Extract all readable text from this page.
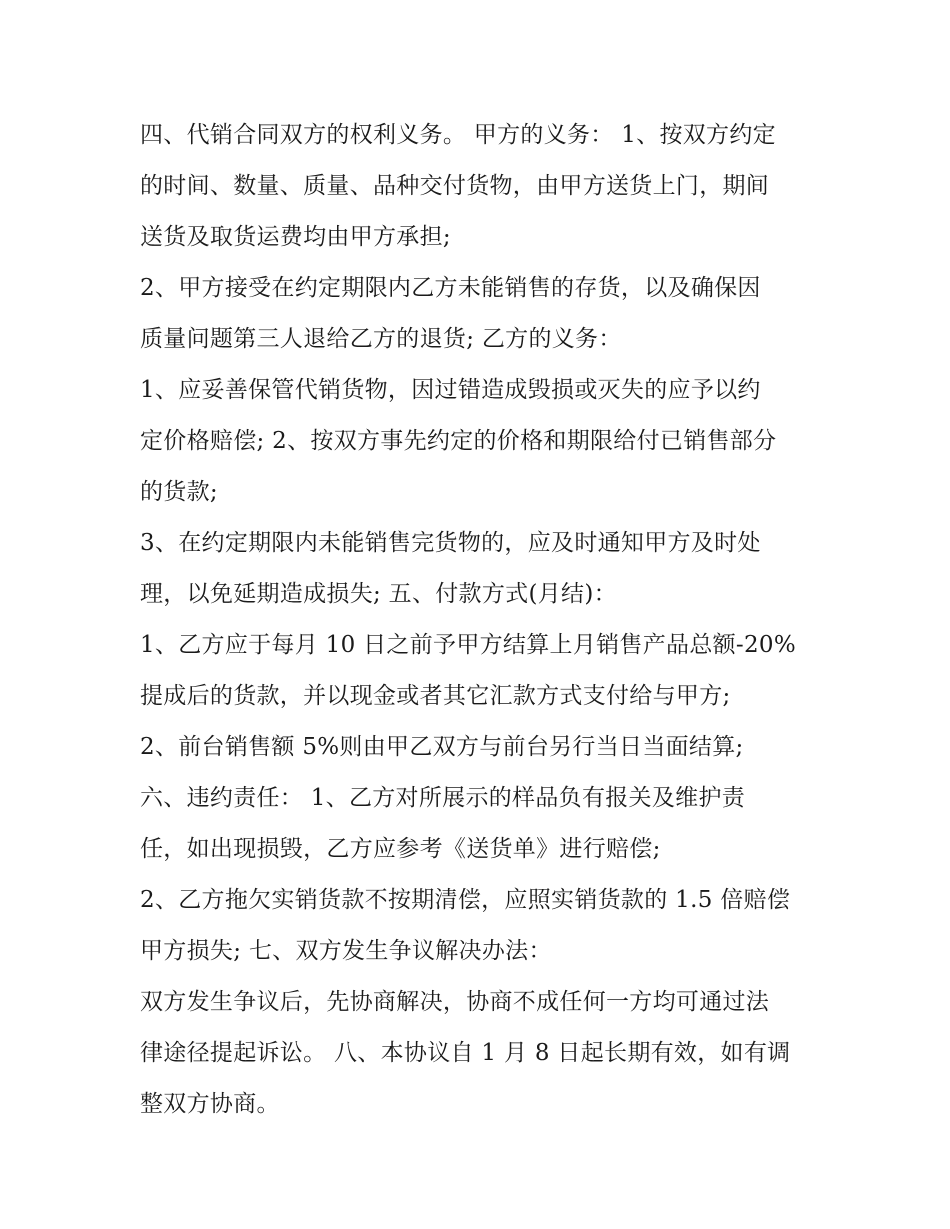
四、代销合同双方的权利义务。 甲方的义务： 1、按双方约定
的时间、数量、质量、品种交付货物，由甲方送货上门，期间
送货及取货运费均由甲方承担;
2、甲方接受在约定期限内乙方未能销售的存货，以及确保因
质量问题第三人退给乙方的退货; 乙方的义务：
1、应妥善保管代销货物，因过错造成毁损或灭失的应予以约
定价格赔偿; 2、按双方事先约定的价格和期限给付已销售部分
的货款;
3、在约定期限内未能销售完货物的，应及时通知甲方及时处
理，以免延期造成损失; 五、付款方式(月结)：
1、乙方应于每月 10 日之前予甲方结算上月销售产品总额-20%
提成后的货款，并以现金或者其它汇款方式支付给与甲方;
2、前台销售额 5%则由甲乙双方与前台另行当日当面结算;
六、违约责任： 1、乙方对所展示的样品负有报关及维护责
任，如出现损毁，乙方应参考《送货单》进行赔偿;
2、乙方拖欠实销货款不按期清偿，应照实销货款的 1.5 倍赔偿
甲方损失; 七、双方发生争议解决办法：
双方发生争议后，先协商解决，协商不成任何一方均可通过法
律途径提起诉讼。 八、本协议自 1 月 8 日起长期有效，如有调
整双方协商。
